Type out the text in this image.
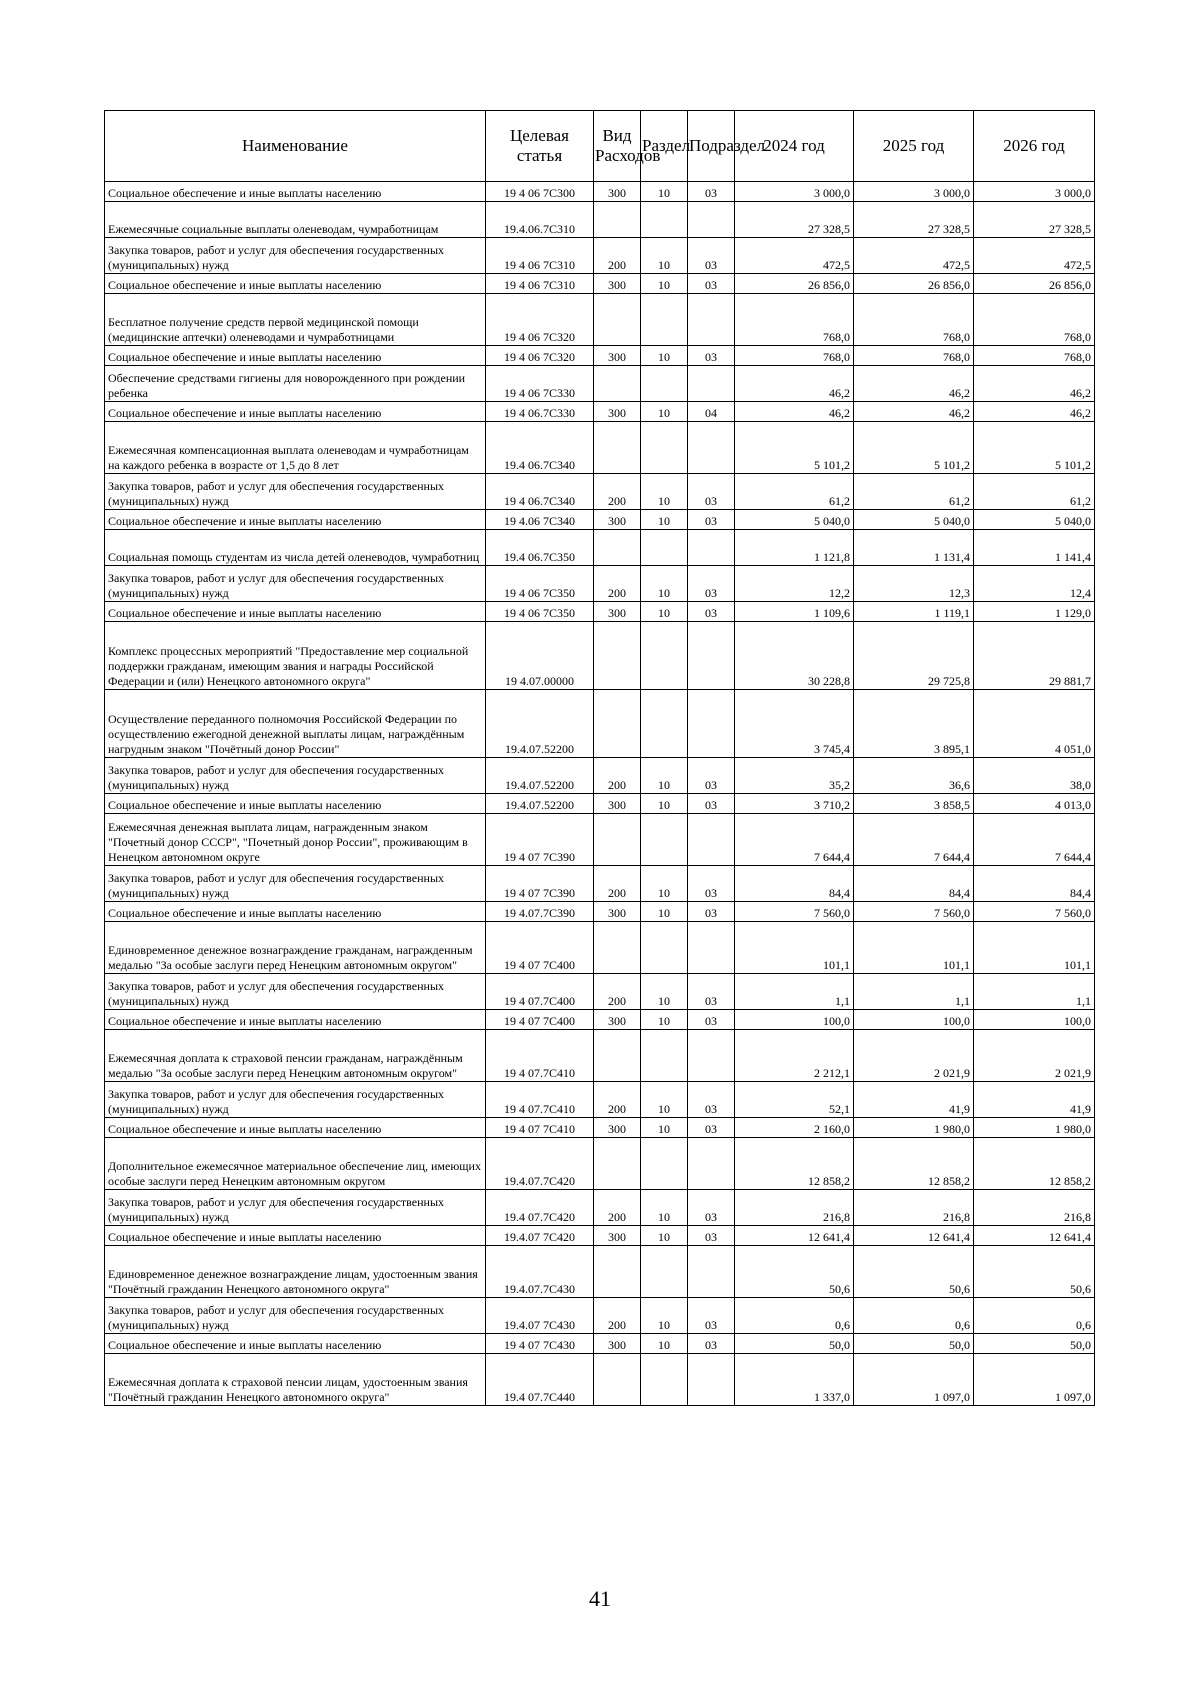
Наименование	Целевая статья	Вид Расходов	Раздел	Подраздел	2024 год	2025 год	2026 год
Социальное обеспечение и иные выплаты населению	19 4 06 7С300	300	10	03	3 000,0	3 000,0	3 000,0
Ежемесячные социальные выплаты оленеводам, чумработницам	19.4.06.7С310				27 328,5	27 328,5	27 328,5
Закупка товаров, работ и услуг для обеспечения государственных (муниципальных) нужд	19 4 06 7С310	200	10	03	472,5	472,5	472,5
Социальное обеспечение и иные выплаты населению	19 4 06 7С310	300	10	03	26 856,0	26 856,0	26 856,0
Бесплатное получение средств первой медицинской помощи (медицинские аптечки) оленеводами и чумработницами	19 4 06 7С320				768,0	768,0	768,0
Социальное обеспечение и иные выплаты населению	19 4 06 7С320	300	10	03	768,0	768,0	768,0
Обеспечение средствами гигиены для новорожденного при рождении ребенка	19 4 06 7С330				46,2	46,2	46,2
Социальное обеспечение и иные выплаты населению	19 4 06.7С330	300	10	04	46,2	46,2	46,2
Ежемесячная компенсационная выплата оленеводам и чумработницам на каждого ребенка в возрасте от 1,5 до 8 лет	19.4 06.7С340				5 101,2	5 101,2	5 101,2
Закупка товаров, работ и услуг для обеспечения государственных (муниципальных) нужд	19 4 06.7С340	200	10	03	61,2	61,2	61,2
Социальное обеспечение и иные выплаты населению	19 4.06 7С340	300	10	03	5 040,0	5 040,0	5 040,0
Социальная помощь студентам из числа детей оленеводов, чумработниц	19.4 06.7С350				1 121,8	1 131,4	1 141,4
Закупка товаров, работ и услуг для обеспечения государственных (муниципальных) нужд	19 4 06 7С350	200	10	03	12,2	12,3	12,4
Социальное обеспечение и иные выплаты населению	19 4 06 7С350	300	10	03	1 109,6	1 119,1	1 129,0
Комплекс процессных мероприятий "Предоставление мер социальной поддержки гражданам, имеющим звания и награды Российской Федерации и (или) Ненецкого автономного округа"	19 4.07.00000				30 228,8	29 725,8	29 881,7
Осуществление переданного полномочия Российской Федерации по осуществлению ежегодной денежной выплаты лицам, награждённым нагрудным знаком "Почётный донор России"	19.4.07.52200				3 745,4	3 895,1	4 051,0
Закупка товаров, работ и услуг для обеспечения государственных (муниципальных) нужд	19.4.07.52200	200	10	03	35,2	36,6	38,0
Социальное обеспечение и иные выплаты населению	19.4.07.52200	300	10	03	3 710,2	3 858,5	4 013,0
Ежемесячная денежная выплата лицам, награжденным знаком "Почетный донор СССР", "Почетный донор России", проживающим в Ненецком автономном округе	19 4 07 7С390				7 644,4	7 644,4	7 644,4
Закупка товаров, работ и услуг для обеспечения государственных (муниципальных) нужд	19 4 07 7С390	200	10	03	84,4	84,4	84,4
Социальное обеспечение и иные выплаты населению	19 4.07.7С390	300	10	03	7 560,0	7 560,0	7 560,0
Единовременное денежное вознаграждение гражданам, награжденным медалью "За особые заслуги перед Ненецким автономным округом"	19 4 07 7С400				101,1	101,1	101,1
Закупка товаров, работ и услуг для обеспечения государственных (муниципальных) нужд	19 4 07.7С400	200	10	03	1,1	1,1	1,1
Социальное обеспечение и иные выплаты населению	19 4 07 7С400	300	10	03	100,0	100,0	100,0
Ежемесячная доплата к страховой пенсии гражданам, награждённым медалью "За особые заслуги перед Ненецким автономным округом"	19 4 07.7С410				2 212,1	2 021,9	2 021,9
Закупка товаров, работ и услуг для обеспечения государственных (муниципальных) нужд	19 4 07.7С410	200	10	03	52,1	41,9	41,9
Социальное обеспечение и иные выплаты населению	19 4 07 7С410	300	10	03	2 160,0	1 980,0	1 980,0
Дополнительное ежемесячное материальное обеспечение лиц, имеющих особые заслуги перед Ненецким автономным округом	19.4.07.7С420				12 858,2	12 858,2	12 858,2
Закупка товаров, работ и услуг для обеспечения государственных (муниципальных) нужд	19.4 07.7С420	200	10	03	216,8	216,8	216,8
Социальное обеспечение и иные выплаты населению	19.4.07 7С420	300	10	03	12 641,4	12 641,4	12 641,4
Единовременное денежное вознаграждение лицам, удостоенным звания "Почётный гражданин Ненецкого автономного округа"	19.4.07.7С430				50,6	50,6	50,6
Закупка товаров, работ и услуг для обеспечения государственных (муниципальных) нужд	19.4.07 7С430	200	10	03	0,6	0,6	0,6
Социальное обеспечение и иные выплаты населению	19 4 07 7С430	300	10	03	50,0	50,0	50,0
Ежемесячная доплата к страховой пенсии лицам, удостоенным звания "Почётный гражданин Ненецкого автономного округа"	19.4 07.7С440				1 337,0	1 097,0	1 097,0
41
